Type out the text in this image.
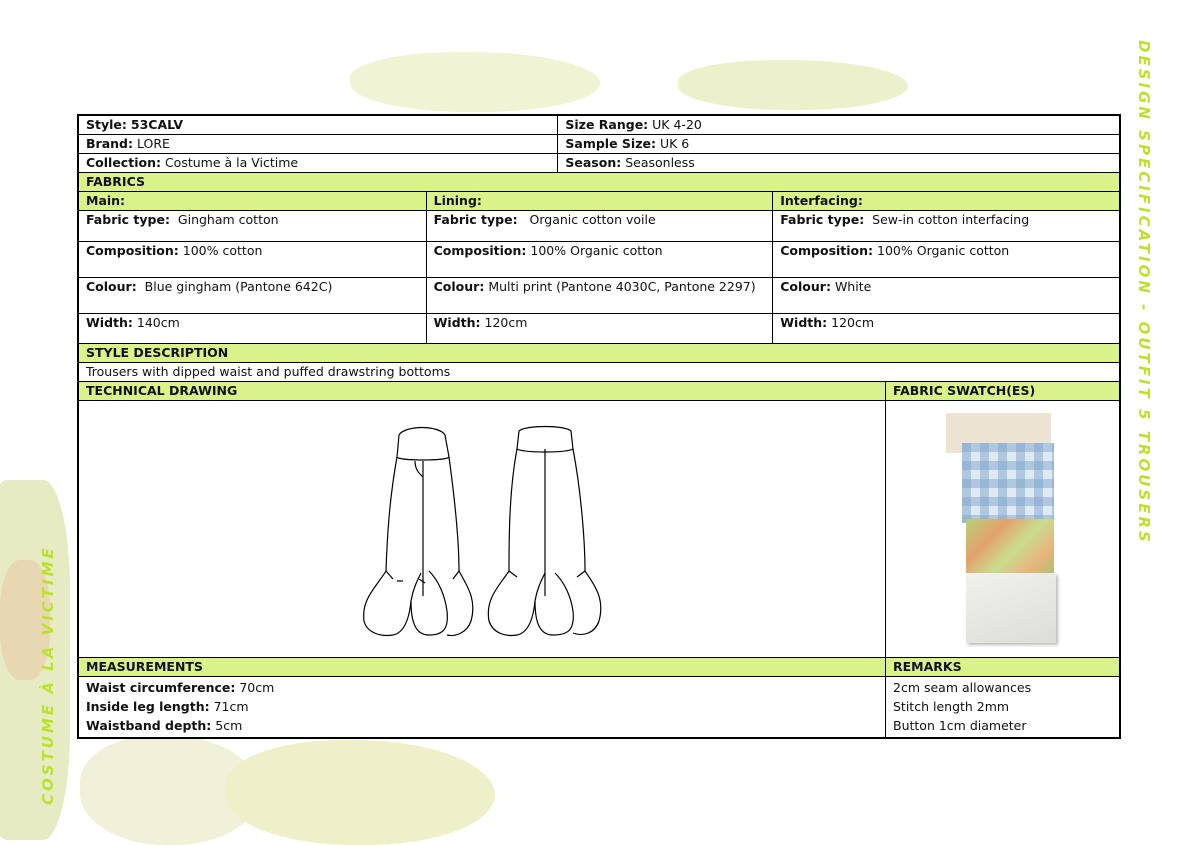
DESIGN SPECIFICATION - OUTFIT 5 TROUSERS
COSTUME À LA VICTIME
Style: 53CALV	Size Range: UK 4-20
Brand: LORE	Sample Size: UK 6
Collection: Costume à la Victime	Season: Seasonless
FABRICS
Main:	Lining:	Interfacing:
Fabric type: Gingham cotton	Fabric type: Organic cotton voile	Fabric type: Sew-in cotton interfacing
Composition: 100% cotton	Composition: 100% Organic cotton	Composition: 100% Organic cotton
Colour: Blue gingham (Pantone 642C)	Colour: Multi print (Pantone 4030C, Pantone 2297)	Colour: White
Width: 140cm	Width: 120cm	Width: 120cm
STYLE DESCRIPTION
Trousers with dipped waist and puffed drawstring bottoms
TECHNICAL DRAWING	FABRIC SWATCH(ES)
MEASUREMENTS	REMARKS
Waist circumference: 70cm
Inside leg length: 71cm
Waistband depth: 5cm
2cm seam allowances
Stitch length 2mm
Button 1cm diameter
